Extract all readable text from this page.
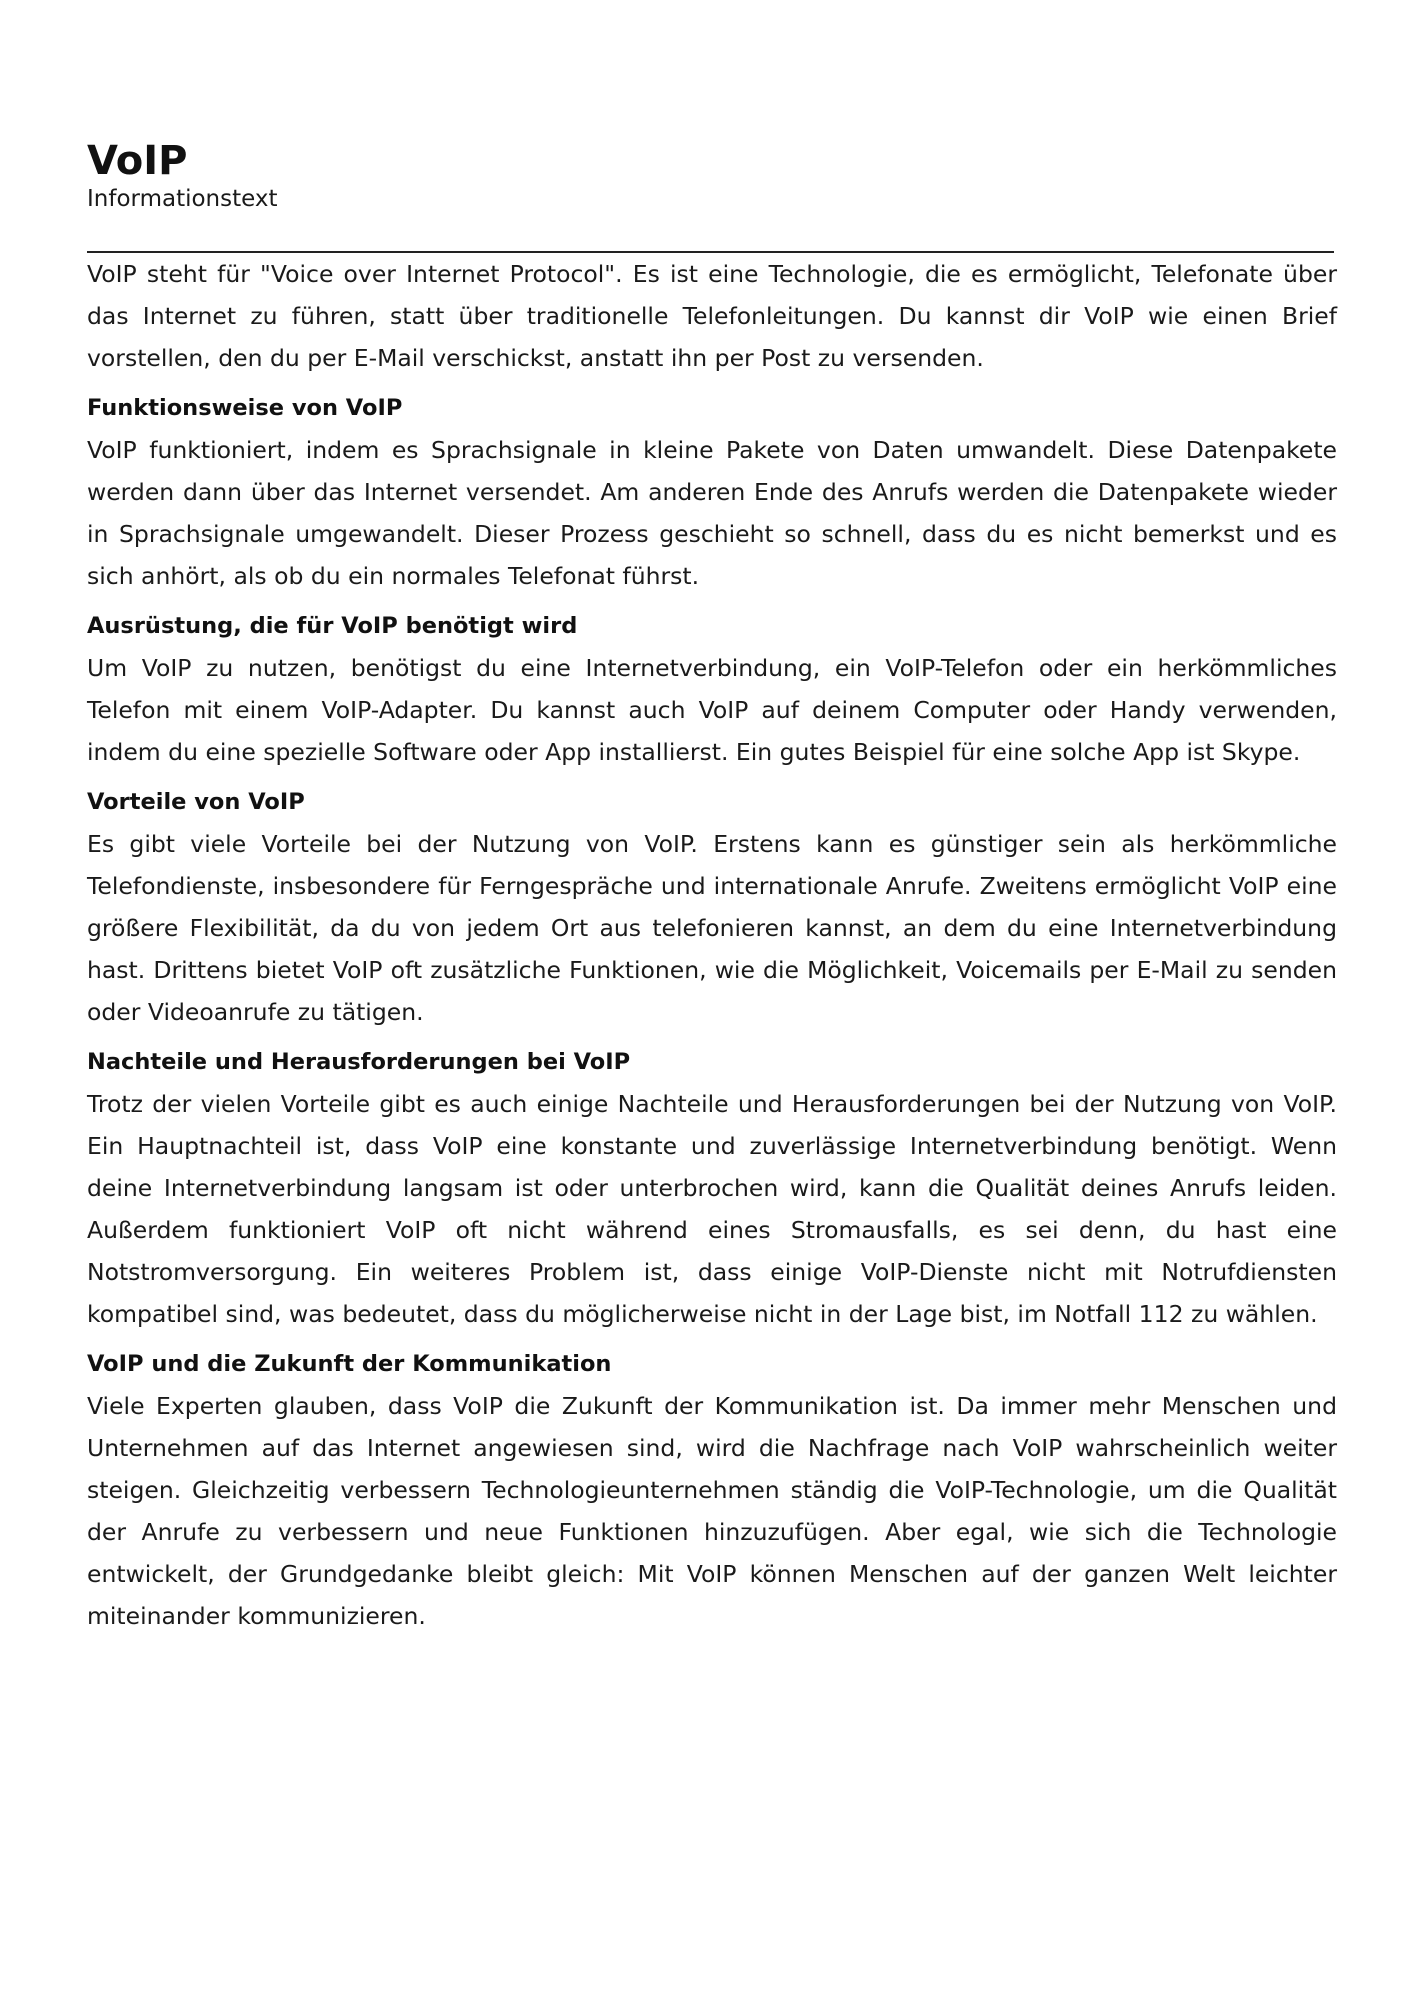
VoIP

Informationstext

VoIP steht für "Voice over Internet Protocol". Es ist eine Technologie, die es ermöglicht, Telefonate über das Internet zu führen, statt über traditionelle Telefonleitungen. Du kannst dir VoIP wie einen Brief vorstellen, den du per E-Mail verschickst, anstatt ihn per Post zu versenden.

Funktionsweise von VoIP

VoIP funktioniert, indem es Sprachsignale in kleine Pakete von Daten umwandelt. Diese Datenpakete werden dann über das Internet versendet. Am anderen Ende des Anrufs werden die Datenpakete wieder in Sprachsignale umgewandelt. Dieser Prozess geschieht so schnell, dass du es nicht bemerkst und es sich anhört, als ob du ein normales Telefonat führst.

Ausrüstung, die für VoIP benötigt wird

Um VoIP zu nutzen, benötigst du eine Internetverbindung, ein VoIP-Telefon oder ein herkömmliches Telefon mit einem VoIP-Adapter. Du kannst auch VoIP auf deinem Computer oder Handy verwenden, indem du eine spezielle Software oder App installierst. Ein gutes Beispiel für eine solche App ist Skype.

Vorteile von VoIP

Es gibt viele Vorteile bei der Nutzung von VoIP. Erstens kann es günstiger sein als herkömmliche Telefondienste, insbesondere für Ferngespräche und internationale Anrufe. Zweitens ermöglicht VoIP eine größere Flexibilität, da du von jedem Ort aus telefonieren kannst, an dem du eine Internetverbindung hast. Drittens bietet VoIP oft zusätzliche Funktionen, wie die Möglichkeit, Voicemails per E-Mail zu senden oder Videoanrufe zu tätigen.

Nachteile und Herausforderungen bei VoIP

Trotz der vielen Vorteile gibt es auch einige Nachteile und Herausforderungen bei der Nutzung von VoIP. Ein Hauptnachteil ist, dass VoIP eine konstante und zuverlässige Internetverbindung benötigt. Wenn deine Internetverbindung langsam ist oder unterbrochen wird, kann die Qualität deines Anrufs leiden. Außerdem funktioniert VoIP oft nicht während eines Stromausfalls, es sei denn, du hast eine Notstromversorgung. Ein weiteres Problem ist, dass einige VoIP-Dienste nicht mit Notrufdiensten kompatibel sind, was bedeutet, dass du möglicherweise nicht in der Lage bist, im Notfall 112 zu wählen.

VoIP und die Zukunft der Kommunikation

Viele Experten glauben, dass VoIP die Zukunft der Kommunikation ist. Da immer mehr Menschen und Unternehmen auf das Internet angewiesen sind, wird die Nachfrage nach VoIP wahrscheinlich weiter steigen. Gleichzeitig verbessern Technologieunternehmen ständig die VoIP-Technologie, um die Qualität der Anrufe zu verbessern und neue Funktionen hinzuzufügen. Aber egal, wie sich die Technologie entwickelt, der Grundgedanke bleibt gleich: Mit VoIP können Menschen auf der ganzen Welt leichter miteinander kommunizieren.
